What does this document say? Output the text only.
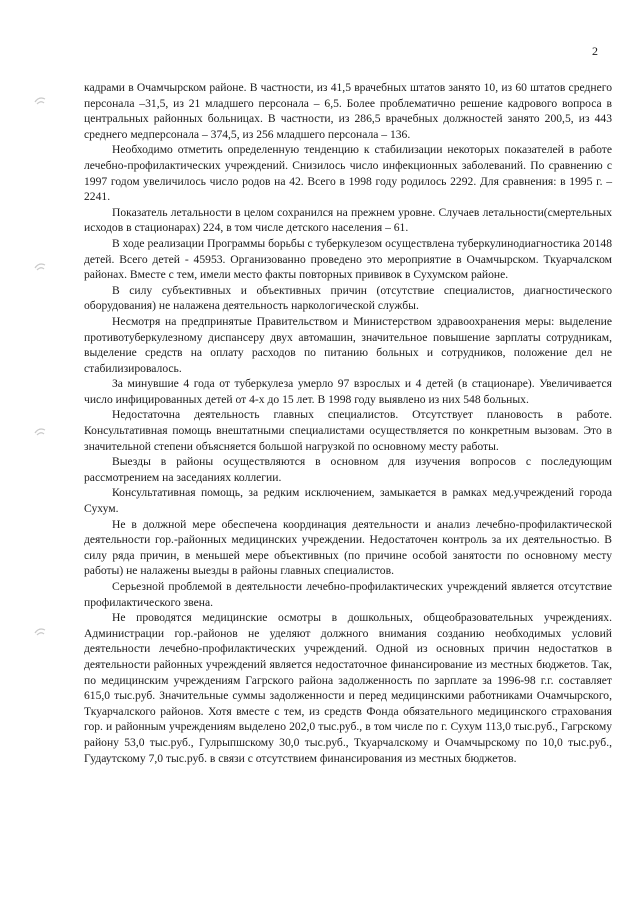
2

кадрами в Очамчырском районе. В частности, из 41,5 врачебных штатов занято 10, из 60 штатов среднего персонала –31,5, из 21 младшего персонала – 6,5. Более проблематично решение кадрового вопроса в центральных районных больницах. В частности, из 286,5 врачебных должностей занято 200,5, из 443 среднего медперсонала – 374,5, из 256 младшего персонала – 136.

Необходимо отметить определенную тенденцию к стабилизации некоторых показателей в работе лечебно-профилактических учреждений. Снизилось число инфекционных заболеваний. По сравнению с 1997 годом увеличилось число родов на 42. Всего в 1998 году родилось 2292. Для сравнения: в 1995 г. – 2241.

Показатель летальности в целом сохранился на прежнем уровне. Случаев летальности(смертельных исходов в стационарах) 224, в том числе детского населения – 61.

В ходе реализации Программы борьбы с туберкулезом осуществлена туберкулинодиагностика 20148 детей. Всего детей - 45953. Организованно проведено это мероприятие в Очамчырском. Ткуарчалском районах. Вместе с тем, имели место факты повторных прививок в Сухумском районе.

В силу субъективных и объективных причин (отсутствие специалистов, диагностического оборудования) не налажена деятельность наркологической службы.

Несмотря на предпринятые Правительством и Министерством здравоохранения меры: выделение противотуберкулезному диспансеру двух автомашин, значительное повышение зарплаты сотрудникам, выделение средств на оплату расходов по питанию больных и сотрудников, положение дел не стабилизировалось.

За минувшие 4 года от туберкулеза умерло 97 взрослых и 4 детей (в стационаре). Увеличивается число инфицированных детей от 4-х до 15 лет. В 1998 году выявлено из них 548 больных.

Недостаточна деятельность главных специалистов. Отсутствует плановость в работе. Консультативная помощь внештатными специалистами осуществляется по конкретным вызовам. Это в значительной степени объясняется большой нагрузкой по основному месту работы.

Выезды в районы осуществляются в основном для изучения вопросов с последующим рассмотрением на заседаниях коллегии.

Консультативная помощь, за редким исключением, замыкается в рамках мед.учреждений города Сухум.

Не в должной мере обеспечена координация деятельности и анализ лечебно-профилактической деятельности гор.-районных медицинских учреждении. Недостаточен контроль за их деятельностью. В силу ряда причин, в меньшей мере объективных (по причине особой занятости по основному месту работы) не налажены выезды в районы главных специалистов.

Серьезной проблемой в деятельности лечебно-профилактических учреждений является отсутствие профилактического звена.

Не проводятся медицинские осмотры в дошкольных, общеобразовательных учреждениях. Администрации гор.-районов не уделяют должного внимания созданию необходимых условий деятельности лечебно-профилактических учреждений. Одной из основных причин недостатков в деятельности районных учреждений является недостаточное финансирование из местных бюджетов. Так, по медицинским учреждениям Гагрского района задолженность по зарплате за 1996-98 г.г. составляет 615,0 тыс.руб. Значительные суммы задолженности и перед медицинскими работниками Очамчырского, Ткуарчалского районов. Хотя вместе с тем, из средств Фонда обязательного медицинского страхования гор. и районным учреждениям выделено 202,0 тыс.руб., в том числе по г. Сухум 113,0 тыс.руб., Гагрскому району 53,0 тыс.руб., Гулрыпшскому 30,0 тыс.руб., Ткуарчалскому и Очамчырскому по 10,0 тыс.руб., Гудаутскому 7,0 тыс.руб. в связи с отсутствием финансирования из местных бюджетов.
